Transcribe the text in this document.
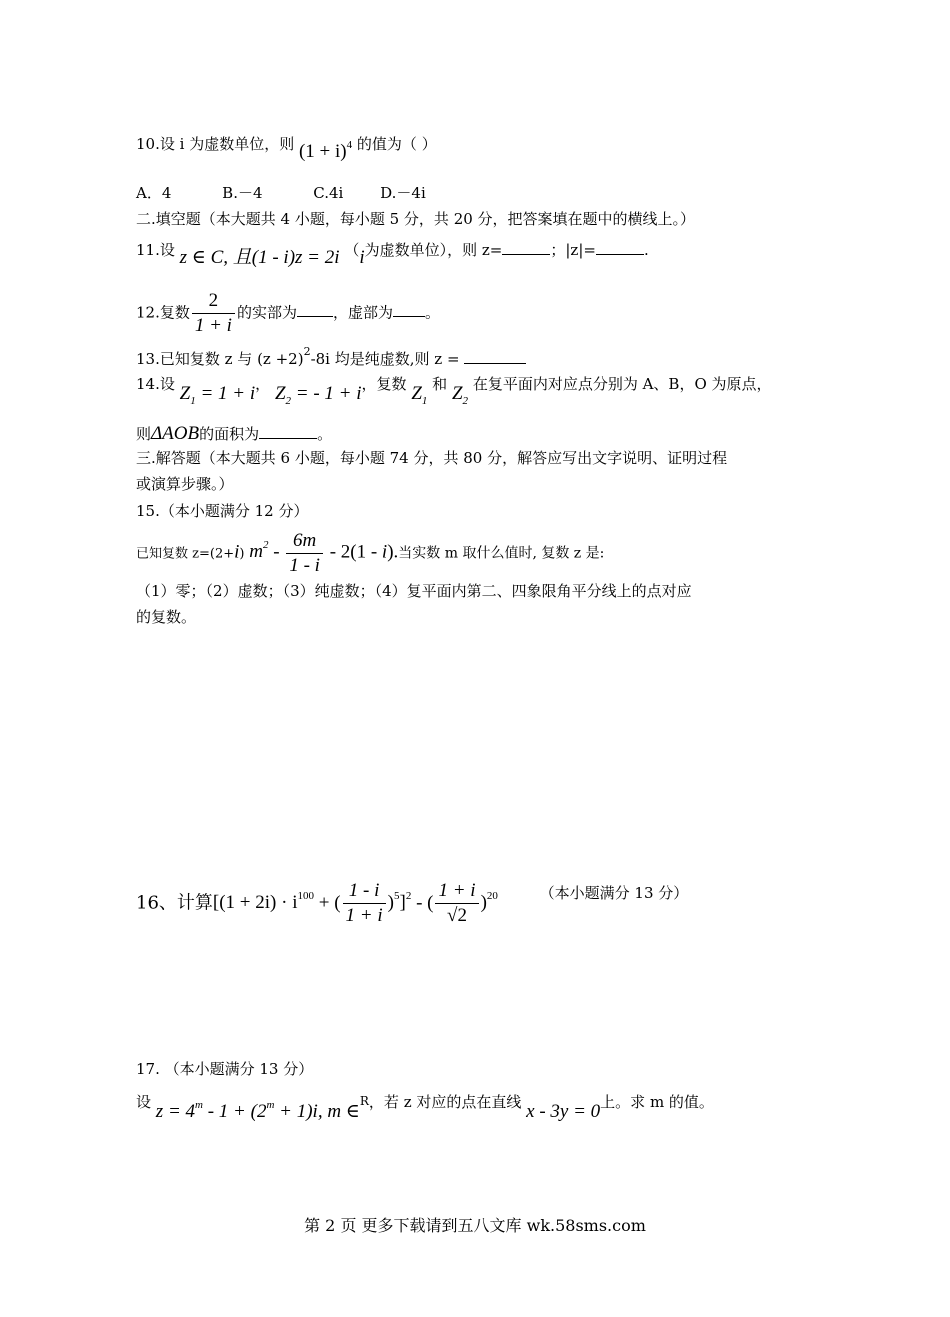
10.设 i 为虚数单位，则 $(1 + i)^4$ 的值为（ ）
A．4	B.－4	C.4i D.－4i
二.填空题（本大题共 4 小题，每小题 5 分，共 20 分，把答案填在题中的横线上。）
11.设 z ∈ C, 且(1 - i)z = 2i （i为虚数单位），则 z=	；|z|=	.
12.复数 $\frac{2}{1 + i}$ 的实部为 ，虚部为 。
13.已知复数 z 与 $(z +2)^2-8i$ 均是纯虚数,则 z =
14.设 $Z_1 = 1 + i$， $Z_2$ = - 1 + i，复数 $Z_1$ 和 $Z_2$ 在复平面内对应点分别为 A、B，O 为原点，
则ΔAOB的面积为	。
三.解答题（本大题共 6 小题，每小题 74 分，共 80 分，解答应写出文字说明、证明过程
或演算步骤。）
15.（本小题满分 12 分）
已知复数 z=(2+i) $m^2 - \frac{6m}{1 - i} - 2(1 - i)$.当实数 m 取什么值时, 复数 z 是:
（1）零；（2）虚数；（3）纯虚数；（4）复平面内第二、四象限角平分线上的点对应
的复数。
16、计算[$(1 + 2i) \cdot i^{100}$ + ( $\frac{1 - i}{1 + i} )^5]^2$ - ( $\frac{1 + i}{√2} )^{20}$	$^{(本小题满分 13 分)}$
17. （本小题满分 13 分）
设 $z = 4^m - 1 + (2^m + 1)i$, m ∈R，若 z 对应的点在直线 x - 3y = 0上。求 m 的值。
第 2 页 更多下载请到五八文库 wk.58sms.com
